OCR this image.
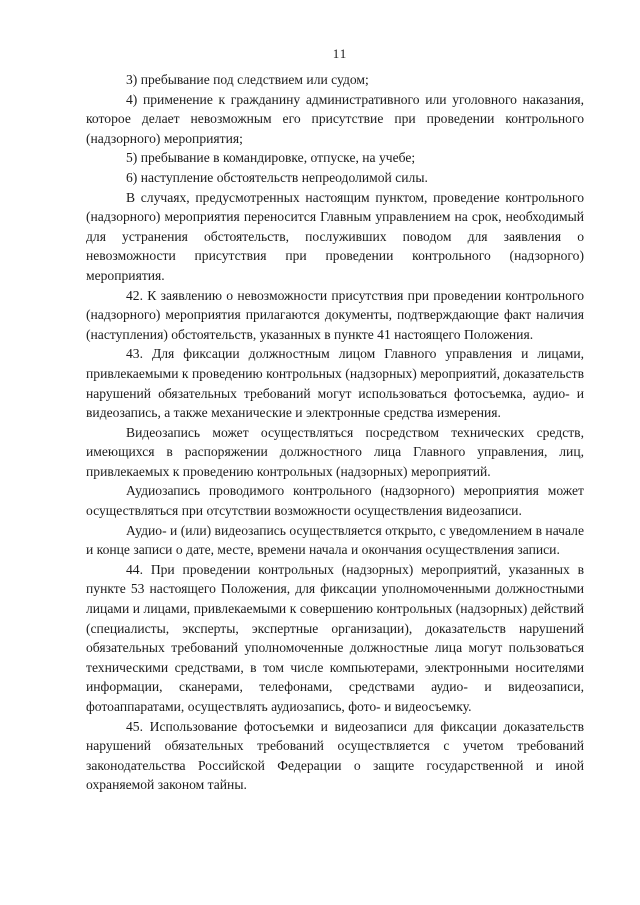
11

3) пребывание под следствием или судом;

4) применение к гражданину административного или уголовного наказания, которое делает невозможным его присутствие при проведении контрольного (надзорного) мероприятия;

5) пребывание в командировке, отпуске, на учебе;

6) наступление обстоятельств непреодолимой силы.

В случаях, предусмотренных настоящим пунктом, проведение контрольного (надзорного) мероприятия переносится Главным управлением на срок, необходимый для устранения обстоятельств, послуживших поводом для заявления о невозможности присутствия при проведении контрольного (надзорного) мероприятия.

42. К заявлению о невозможности присутствия при проведении контрольного (надзорного) мероприятия прилагаются документы, подтверждающие факт наличия (наступления) обстоятельств, указанных в пункте 41 настоящего Положения.

43. Для фиксации должностным лицом Главного управления и лицами, привлекаемыми к проведению контрольных (надзорных) мероприятий, доказательств нарушений обязательных требований могут использоваться фотосъемка, аудио- и видеозапись, а также механические и электронные средства измерения.

Видеозапись может осуществляться посредством технических средств, имеющихся в распоряжении должностного лица Главного управления, лиц, привлекаемых к проведению контрольных (надзорных) мероприятий.

Аудиозапись проводимого контрольного (надзорного) мероприятия может осуществляться при отсутствии возможности осуществления видеозаписи.

Аудио- и (или) видеозапись осуществляется открыто, с уведомлением в начале и конце записи о дате, месте, времени начала и окончания осуществления записи.

44. При проведении контрольных (надзорных) мероприятий, указанных в пункте 53 настоящего Положения, для фиксации уполномоченными должностными лицами и лицами, привлекаемыми к совершению контрольных (надзорных) действий (специалисты, эксперты, экспертные организации), доказательств нарушений обязательных требований уполномоченные должностные лица могут пользоваться техническими средствами, в том числе компьютерами, электронными носителями информации, сканерами, телефонами, средствами аудио- и видеозаписи, фотоаппаратами, осуществлять аудиозапись, фото- и видеосъемку.

45. Использование фотосъемки и видеозаписи для фиксации доказательств нарушений обязательных требований осуществляется с учетом требований законодательства Российской Федерации о защите государственной и иной охраняемой законом тайны.
